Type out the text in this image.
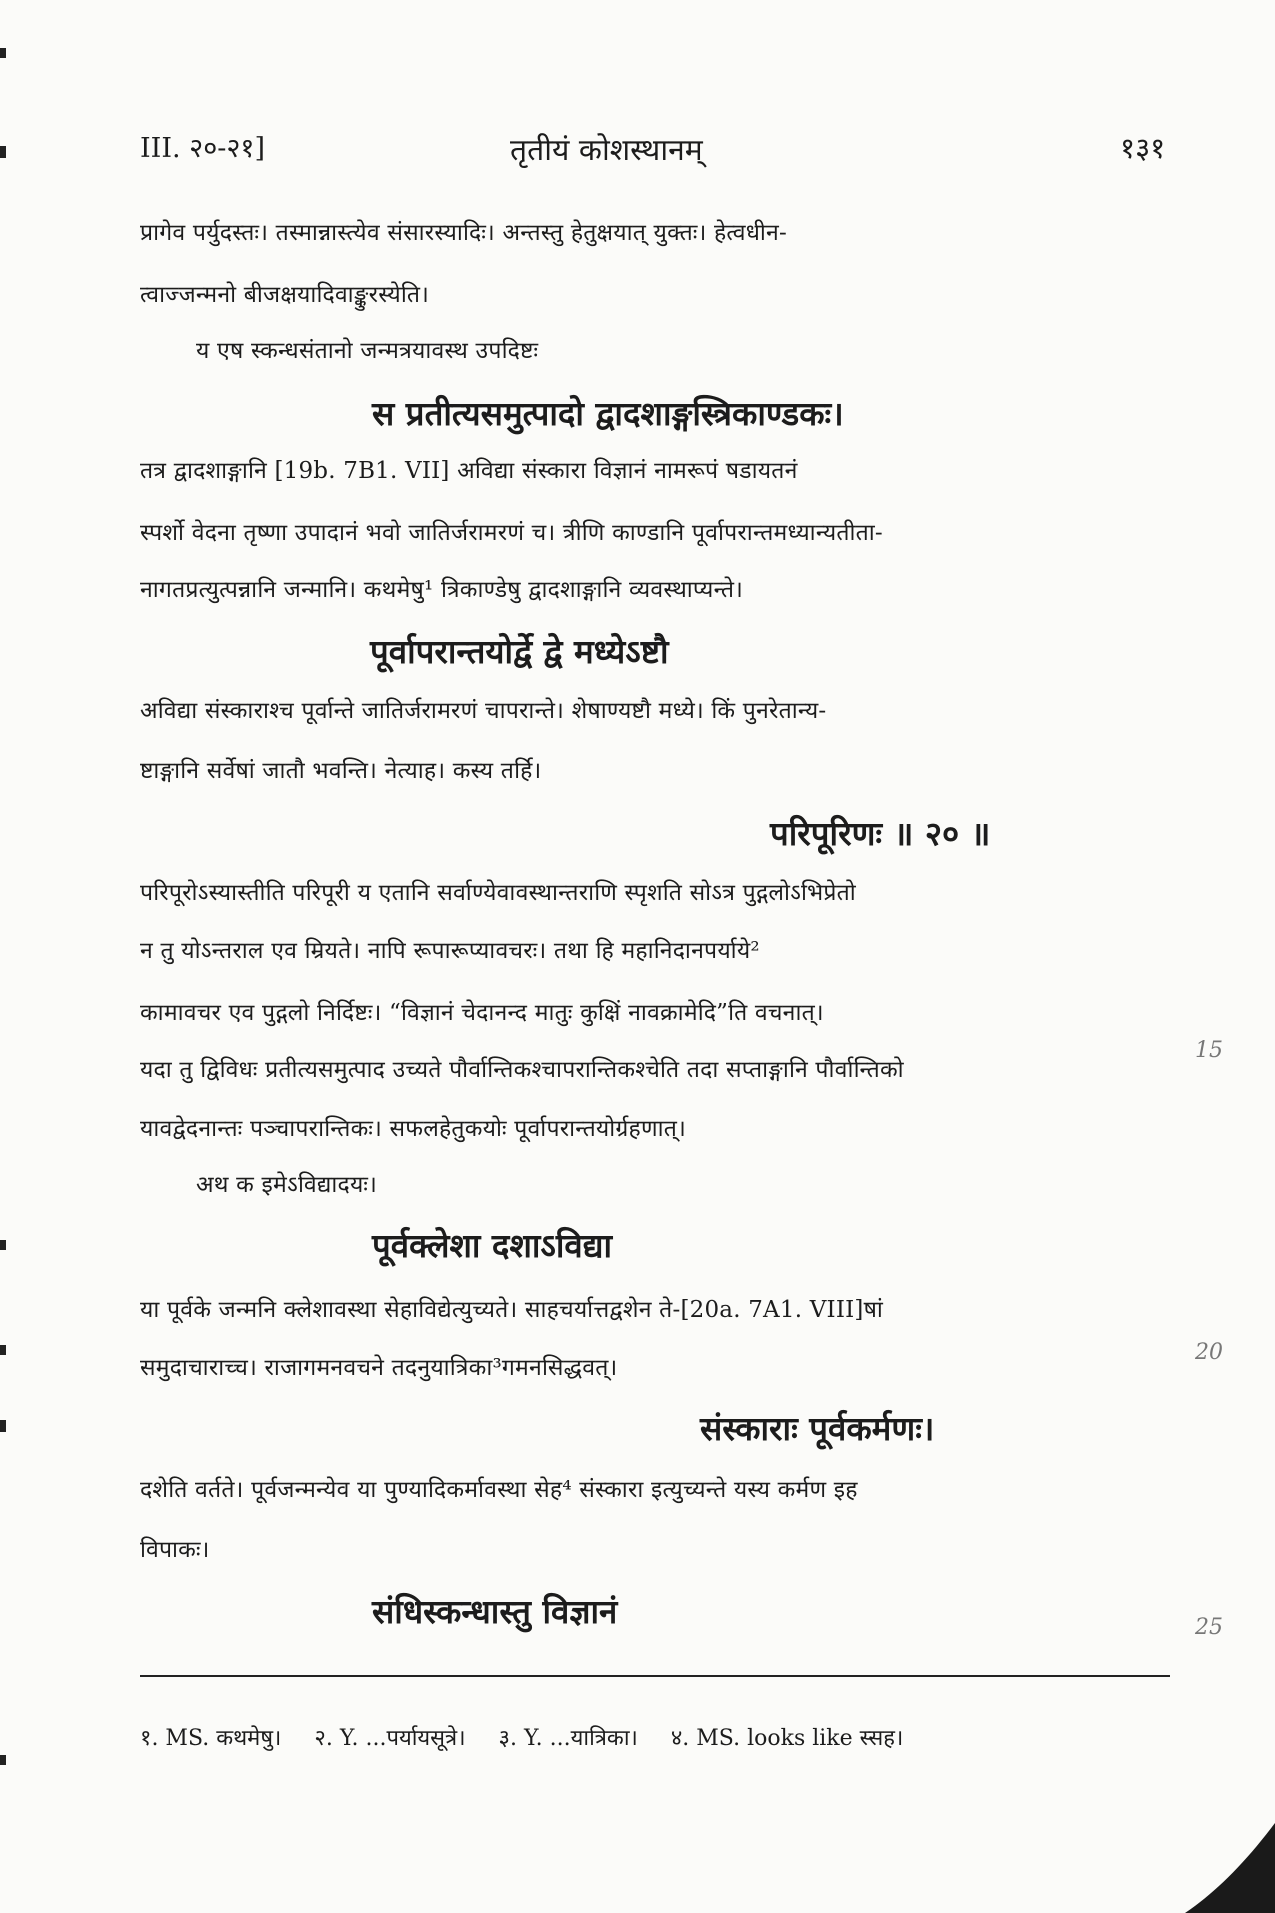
III. २०-२१]	तृतीयं कोशस्थानम्	१३१
प्रागेव पर्युदस्तः। तस्मान्नास्त्येव संसारस्यादिः। अन्तस्तु हेतुक्षयात् युक्तः। हेत्वधीन-
त्वाज्जन्मनो बीजक्षयादिवाङ्कुरस्येति।
य एष स्कन्धसंतानो जन्मत्रयावस्थ उपदिष्टः
स प्रतीत्यसमुत्पादो द्वादशाङ्गस्त्रिकाण्डकः।
तत्र द्वादशाङ्गानि [19b. 7B1. VII] अविद्या संस्कारा विज्ञानं नामरूपं षडायतनं
स्पर्शो वेदना तृष्णा उपादानं भवो जातिर्जरामरणं च। त्रीणि काण्डानि पूर्वापरान्तमध्यान्यतीता-
नागतप्रत्युत्पन्नानि जन्मानि। कथमेषु¹ त्रिकाण्डेषु द्वादशाङ्गानि व्यवस्थाप्यन्ते।
पूर्वापरान्तयोर्द्वे द्वे मध्येऽष्टौ
अविद्या संस्काराश्च पूर्वान्ते जातिर्जरामरणं चापरान्ते। शेषाण्यष्टौ मध्ये। किं पुनरेतान्य-
ष्टाङ्गानि सर्वेषां जातौ भवन्ति। नेत्याह। कस्य तर्हि।
परिपूरिणः ॥ २० ॥
परिपूरोऽस्यास्तीति परिपूरी य एतानि सर्वाण्येवावस्थान्तराणि स्पृशति सोऽत्र पुद्गलोऽभिप्रेतो
न तु योऽन्तराल एव म्रियते। नापि रूपारूप्यावचरः। तथा हि महानिदानपर्याये²
कामावचर एव पुद्गलो निर्दिष्टः। “विज्ञानं चेदानन्द मातुः कुक्षिं नावक्रामेदि”ति वचनात्।
यदा तु द्विविधः प्रतीत्यसमुत्पाद उच्यते पौर्वान्तिकश्चापरान्तिकश्चेति तदा सप्ताङ्गानि पौर्वान्तिको
यावद्वेदनान्तः पञ्चापरान्तिकः। सफलहेतुकयोः पूर्वापरान्तयोर्ग्रहणात्।
अथ क इमेऽविद्यादयः।
पूर्वक्लेशा दशाऽविद्या
या पूर्वके जन्मनि क्लेशावस्था सेहाविद्येत्युच्यते। साहचर्यात्तद्वशेन ते-[20a. 7A1. VIII]षां
समुदाचाराच्च। राजागमनवचने तदनुयात्रिका³गमनसिद्धवत्।
संस्काराः पूर्वकर्मणः।
दशेति वर्तते। पूर्वजन्मन्येव या पुण्यादिकर्मावस्था सेह⁴ संस्कारा इत्युच्यन्ते यस्य कर्मण इह
विपाकः।
संधिस्कन्धास्तु विज्ञानं
15
20
25
१. MS. कथमेषु। २. Y. ...पर्यायसूत्रे। ३. Y. ...यात्रिका। ४. MS. looks like स्सह।
